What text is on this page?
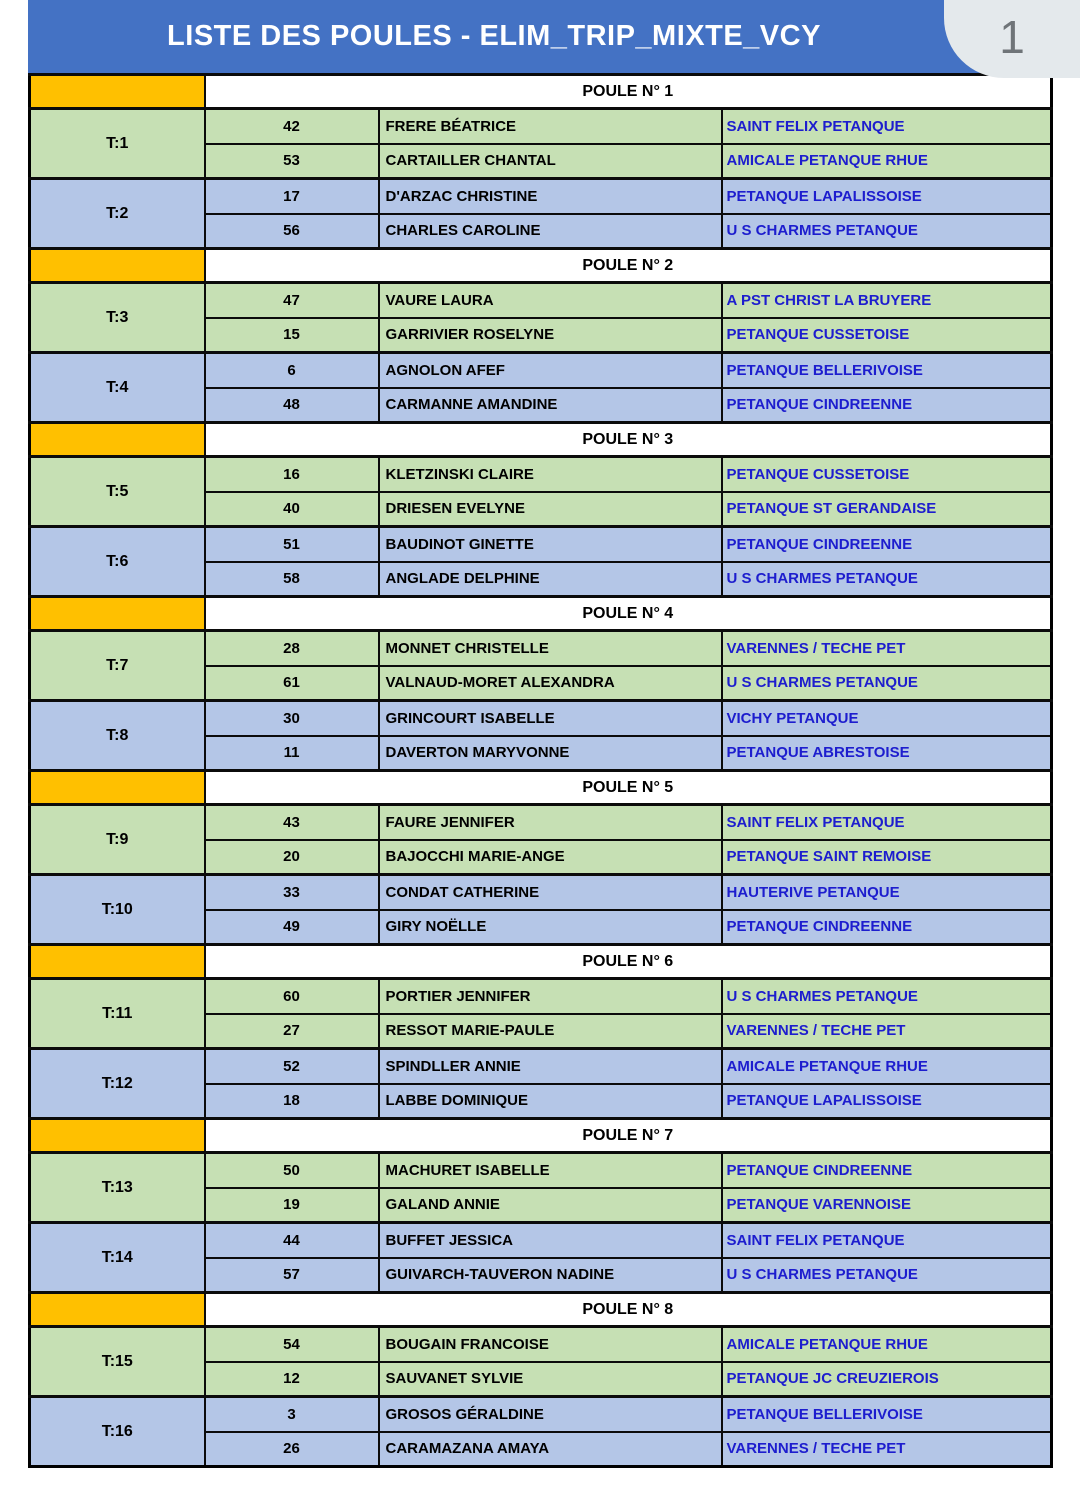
LISTE DES POULES - ELIM_TRIP_MIXTE_VCY	1
	POULE N° 1		
T:1	42	FRERE BÉATRICE	SAINT FELIX PETANQUE
	53	CARTAILLER CHANTAL	AMICALE PETANQUE RHUE
T:2	17	D'ARZAC CHRISTINE	PETANQUE LAPALISSOISE
	56	CHARLES CAROLINE	U S CHARMES PETANQUE
	POULE N° 2		
T:3	47	VAURE LAURA	A PST CHRIST LA BRUYERE
	15	GARRIVIER ROSELYNE	PETANQUE CUSSETOISE
T:4	6	AGNOLON AFEF	PETANQUE BELLERIVOISE
	48	CARMANNE AMANDINE	PETANQUE CINDREENNE
	POULE N° 3		
T:5	16	KLETZINSKI CLAIRE	PETANQUE CUSSETOISE
	40	DRIESEN EVELYNE	PETANQUE ST GERANDAISE
T:6	51	BAUDINOT GINETTE	PETANQUE CINDREENNE
	58	ANGLADE DELPHINE	U S CHARMES PETANQUE
	POULE N° 4		
T:7	28	MONNET CHRISTELLE	VARENNES / TECHE PET
	61	VALNAUD-MORET ALEXANDRA	U S CHARMES PETANQUE
T:8	30	GRINCOURT ISABELLE	VICHY PETANQUE
	11	DAVERTON MARYVONNE	PETANQUE ABRESTOISE
	POULE N° 5		
T:9	43	FAURE JENNIFER	SAINT FELIX PETANQUE
	20	BAJOCCHI MARIE-ANGE	PETANQUE SAINT REMOISE
T:10	33	CONDAT CATHERINE	HAUTERIVE PETANQUE
	49	GIRY NOËLLE	PETANQUE CINDREENNE
	POULE N° 6		
T:11	60	PORTIER JENNIFER	U S CHARMES PETANQUE
	27	RESSOT MARIE-PAULE	VARENNES / TECHE PET
T:12	52	SPINDLLER ANNIE	AMICALE PETANQUE RHUE
	18	LABBE DOMINIQUE	PETANQUE LAPALISSOISE
	POULE N° 7		
T:13	50	MACHURET ISABELLE	PETANQUE CINDREENNE
	19	GALAND ANNIE	PETANQUE VARENNOISE
T:14	44	BUFFET JESSICA	SAINT FELIX PETANQUE
	57	GUIVARCH-TAUVERON NADINE	U S CHARMES PETANQUE
	POULE N° 8		
T:15	54	BOUGAIN FRANCOISE	AMICALE PETANQUE RHUE
	12	SAUVANET SYLVIE	PETANQUE JC CREUZIEROIS
T:16	3	GROSOS GÉRALDINE	PETANQUE BELLERIVOISE
	26	CARAMAZANA AMAYA	VARENNES / TECHE PET
